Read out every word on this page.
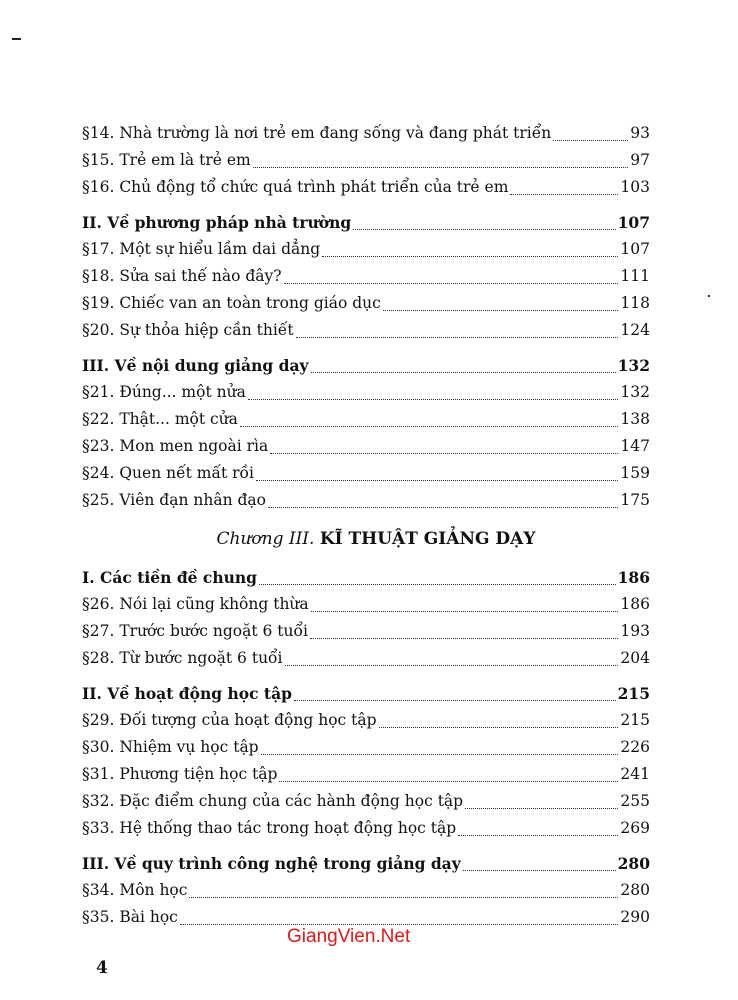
§14. Nhà trường là nơi trẻ em đang sống và đang phát triển	93
§15. Trẻ em là trẻ em	97
§16. Chủ động tổ chức quá trình phát triển của trẻ em	103
II. Về phương pháp nhà trường	107
§17. Một sự hiểu lầm dai dẳng	107
§18. Sửa sai thế nào đây?	111
§19. Chiếc van an toàn trong giáo dục	118
§20. Sự thỏa hiệp cần thiết	124
III. Về nội dung giảng dạy	132
§21. Đúng... một nửa	132
§22. Thật... một cửa	138
§23. Mon men ngoài rìa	147
§24. Quen nết mất rồi	159
§25. Viên đạn nhân đạo	175
Chương III. KĨ THUẬT GIẢNG DẠY
I. Các tiền đề chung	186
§26. Nói lại cũng không thừa	186
§27. Trước bước ngoặt 6 tuổi	193
§28. Từ bước ngoặt 6 tuổi	204
II. Về hoạt động học tập	215
§29. Đối tượng của hoạt động học tập	215
§30. Nhiệm vụ học tập	226
§31. Phương tiện học tập	241
§32. Đặc điểm chung của các hành động học tập	255
§33. Hệ thống thao tác trong hoạt động học tập	269
III. Về quy trình công nghệ trong giảng dạy	280
§34. Môn học	280
§35. Bài học	290
GiangVien.Net
4
